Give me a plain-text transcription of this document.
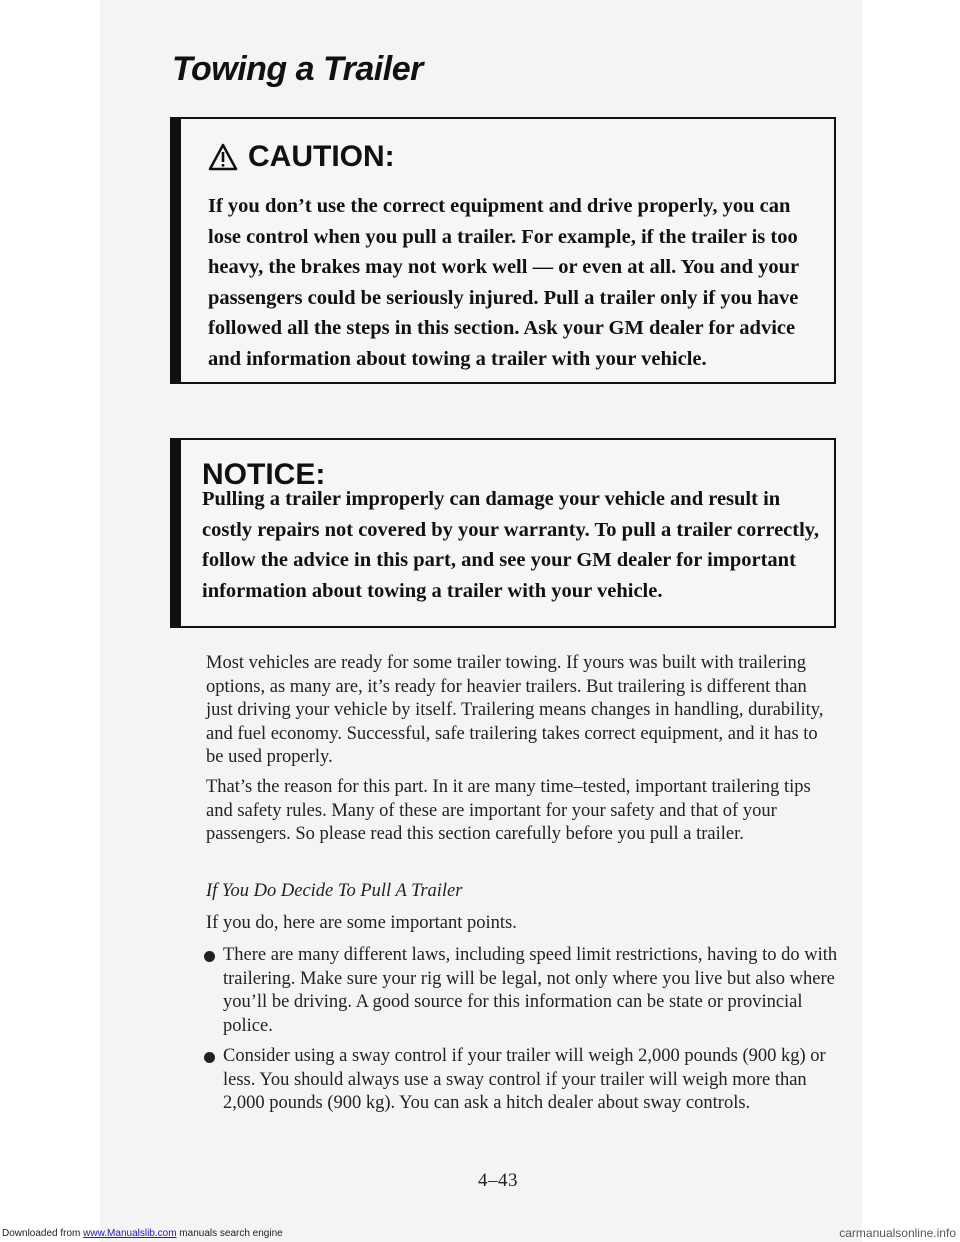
Towing a Trailer
CAUTION:
If you don’t use the correct equipment and drive properly, you can lose control when you pull a trailer. For example, if the trailer is too heavy, the brakes may not work well — or even at all. You and your passengers could be seriously injured. Pull a trailer only if you have followed all the steps in this section. Ask your GM dealer for advice and information about towing a trailer with your vehicle.
NOTICE:
Pulling a trailer improperly can damage your vehicle and result in costly repairs not covered by your warranty. To pull a trailer correctly, follow the advice in this part, and see your GM dealer for important information about towing a trailer with your vehicle.
Most vehicles are ready for some trailer towing. If yours was built with trailering options, as many are, it’s ready for heavier trailers. But trailering is different than just driving your vehicle by itself. Trailering means changes in handling, durability, and fuel economy. Successful, safe trailering takes correct equipment, and it has to be used properly.
That’s the reason for this part. In it are many time–tested, important trailering tips and safety rules. Many of these are important for your safety and that of your passengers. So please read this section carefully before you pull a trailer.
If You Do Decide To Pull A Trailer
If you do, here are some important points.
There are many different laws, including speed limit restrictions, having to do with trailering. Make sure your rig will be legal, not only where you live but also where you’ll be driving. A good source for this information can be state or provincial police.
Consider using a sway control if your trailer will weigh 2,000 pounds (900 kg) or less. You should always use a sway control if your trailer will weigh more than 2,000 pounds (900 kg). You can ask a hitch dealer about sway controls.
4–43
Downloaded from www.Manualslib.com manuals search engine	carmanualsonline.info
